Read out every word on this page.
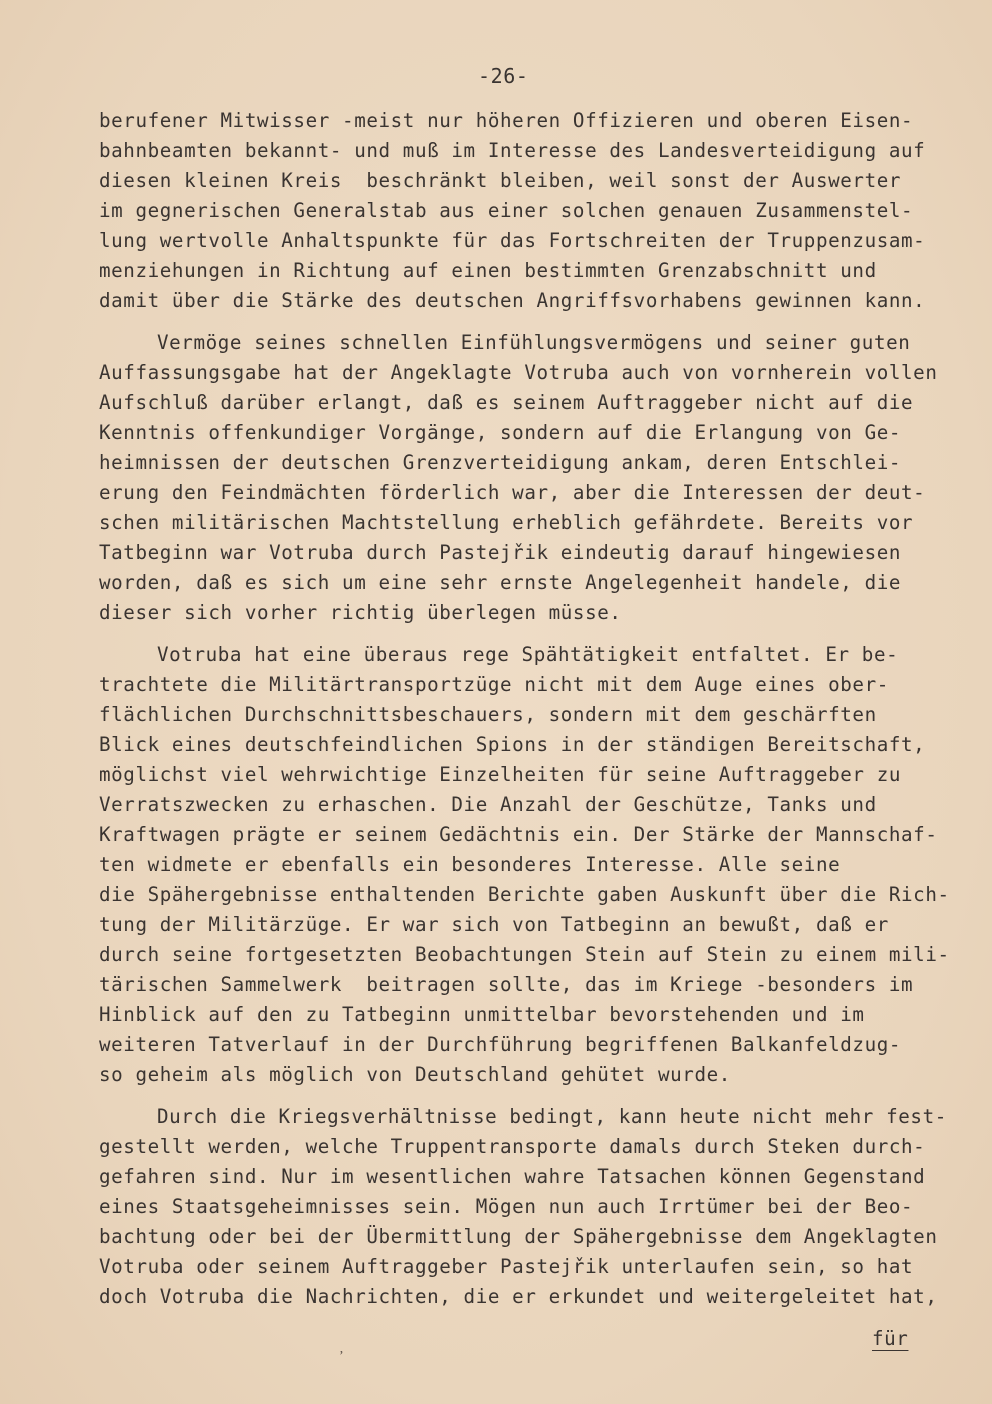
-26-
berufener Mitwisser -meist nur höheren Offizieren und oberen Eisen-
bahnbeamten bekannt- und muß im Interesse des Landesverteidigung auf
diesen kleinen Kreis  beschränkt bleiben, weil sonst der Auswerter
im gegnerischen Generalstab aus einer solchen genauen Zusammenstel-
lung wertvolle Anhaltspunkte für das Fortschreiten der Truppenzusam-
menziehungen in Richtung auf einen bestimmten Grenzabschnitt und
damit über die Stärke des deutschen Angriffsvorhabens gewinnen kann.
Vermöge seines schnellen Einfühlungsvermögens und seiner guten
Auffassungsgabe hat der Angeklagte Votruba auch von vornherein vollen
Aufschluß darüber erlangt, daß es seinem Auftraggeber nicht auf die
Kenntnis offenkundiger Vorgänge, sondern auf die Erlangung von Ge-
heimnissen der deutschen Grenzverteidigung ankam, deren Entschlei-
erung den Feindmächten förderlich war, aber die Interessen der deut-
schen militärischen Machtstellung erheblich gefährdete. Bereits vor
Tatbeginn war Votruba durch Pastejřik eindeutig darauf hingewiesen
worden, daß es sich um eine sehr ernste Angelegenheit handele, die
dieser sich vorher richtig überlegen müsse.
Votruba hat eine überaus rege Spähtätigkeit entfaltet. Er be-
trachtete die Militärtransportzüge nicht mit dem Auge eines ober-
flächlichen Durchschnittsbeschauers, sondern mit dem geschärften
Blick eines deutschfeindlichen Spions in der ständigen Bereitschaft,
möglichst viel wehrwichtige Einzelheiten für seine Auftraggeber zu
Verratszwecken zu erhaschen. Die Anzahl der Geschütze, Tanks und
Kraftwagen prägte er seinem Gedächtnis ein. Der Stärke der Mannschaf-
ten widmete er ebenfalls ein besonderes Interesse. Alle seine
die Spähergebnisse enthaltenden Berichte gaben Auskunft über die Rich-
tung der Militärzüge. Er war sich von Tatbeginn an bewußt, daß er
durch seine fortgesetzten Beobachtungen Stein auf Stein zu einem mili-
tärischen Sammelwerk  beitragen sollte, das im Kriege -besonders im
Hinblick auf den zu Tatbeginn unmittelbar bevorstehenden und im
weiteren Tatverlauf in der Durchführung begriffenen Balkanfeldzug-
so geheim als möglich von Deutschland gehütet wurde.
Durch die Kriegsverhältnisse bedingt, kann heute nicht mehr fest-
gestellt werden, welche Truppentransporte damals durch Steken durch-
gefahren sind. Nur im wesentlichen wahre Tatsachen können Gegenstand
eines Staatsgeheimnisses sein. Mögen nun auch Irrtümer bei der Beo-
bachtung oder bei der Übermittlung der Spähergebnisse dem Angeklagten
Votruba oder seinem Auftraggeber Pastejřik unterlaufen sein, so hat
doch Votruba die Nachrichten, die er erkundet und weitergeleitet hat,
für
ʼ
